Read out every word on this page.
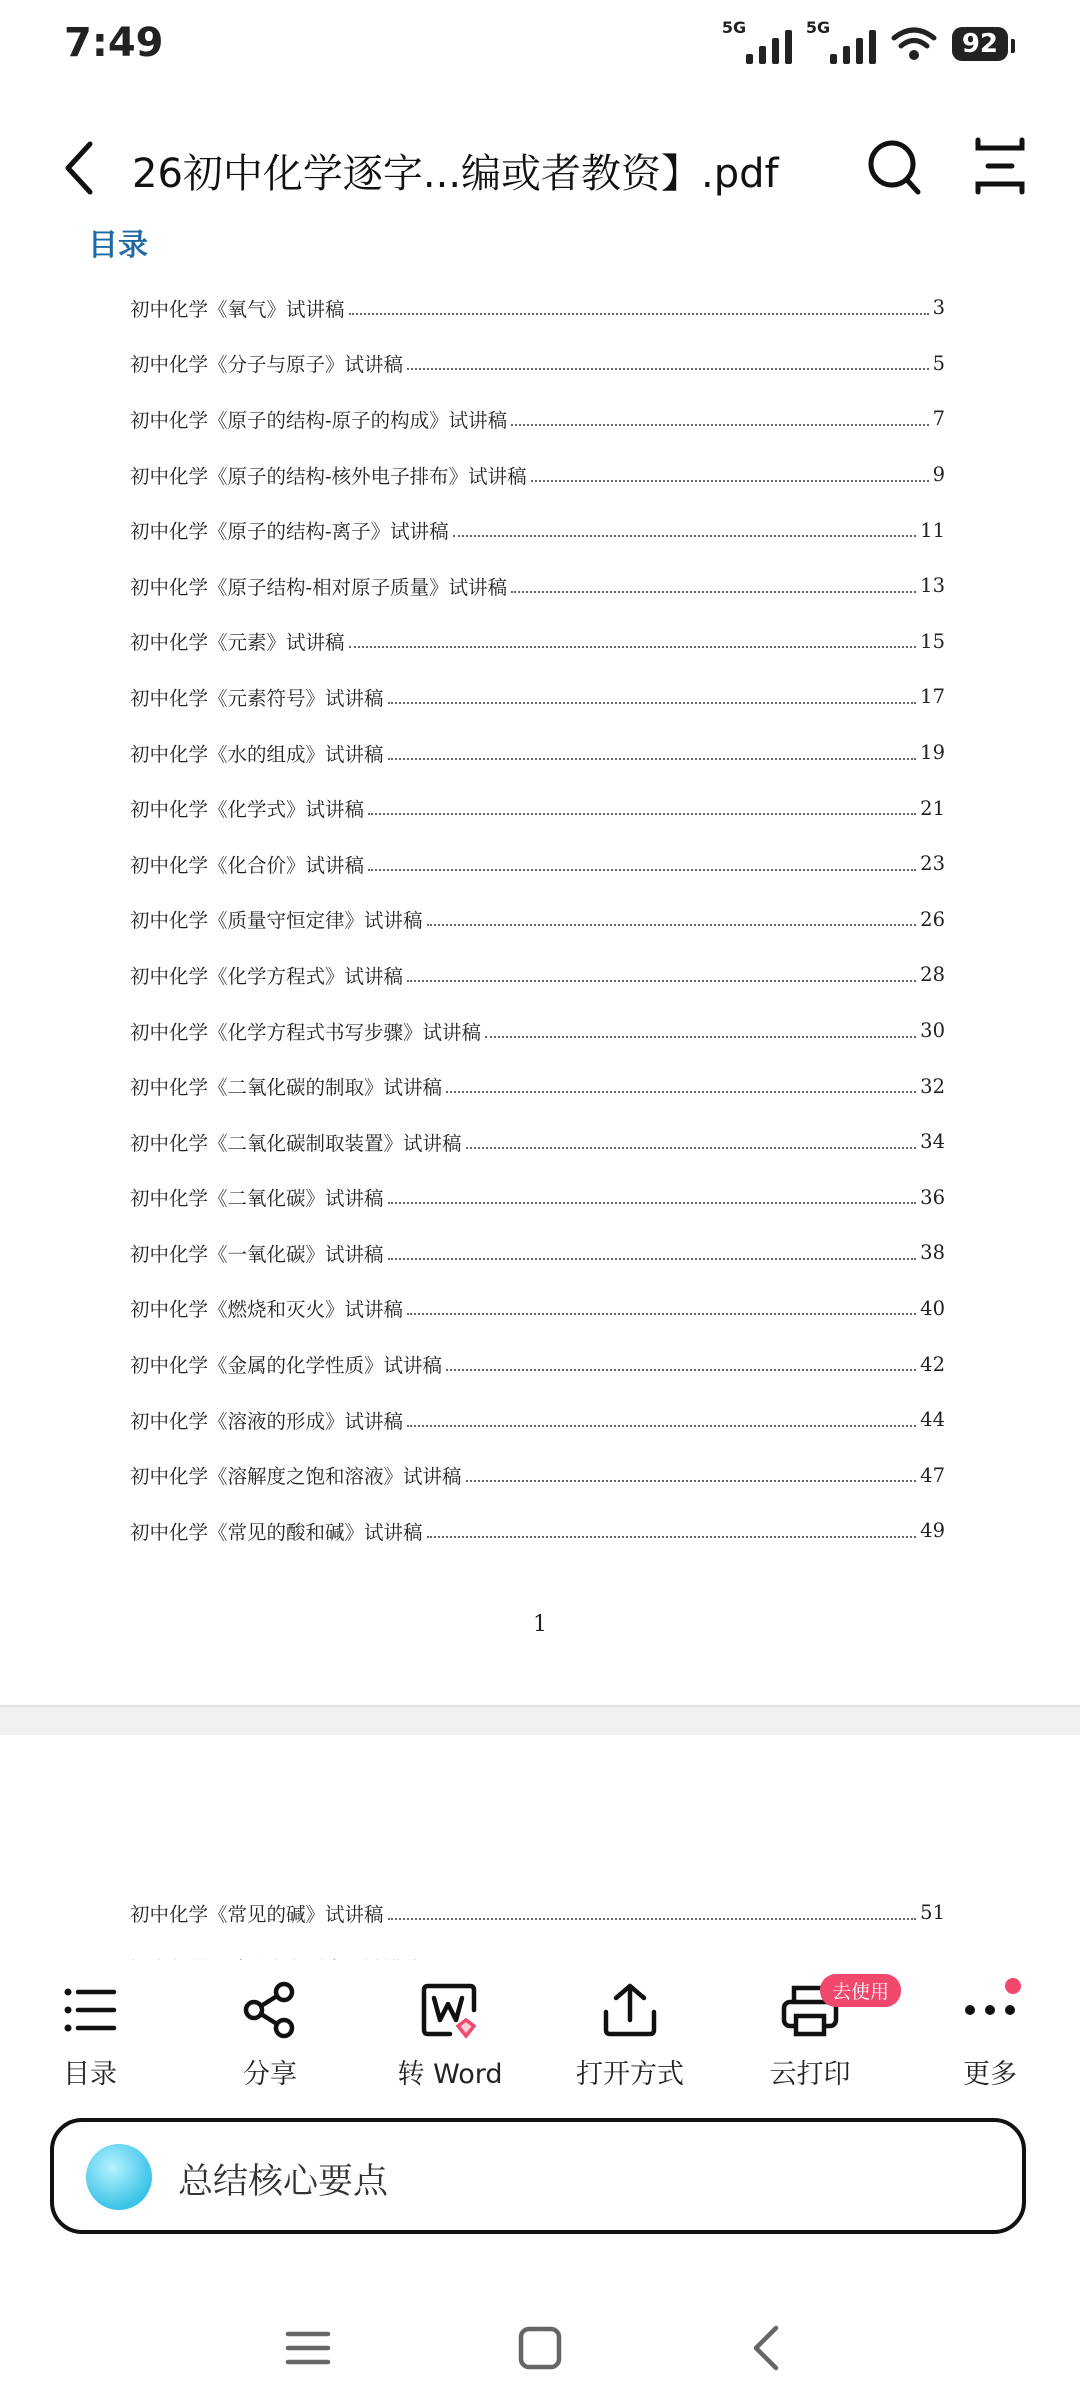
7:49	5G	5G
92
26初中化学逐字...编或者教资】.pdf
目录
初中化学《氧气》试讲稿	3
初中化学《分子与原子》试讲稿	5
初中化学《原子的结构-原子的构成》试讲稿	7
初中化学《原子的结构-核外电子排布》试讲稿	9
初中化学《原子的结构-离子》试讲稿	11
初中化学《原子结构-相对原子质量》试讲稿	13
初中化学《元素》试讲稿	15
初中化学《元素符号》试讲稿	17
初中化学《水的组成》试讲稿	19
初中化学《化学式》试讲稿	21
初中化学《化合价》试讲稿	23
初中化学《质量守恒定律》试讲稿	26
初中化学《化学方程式》试讲稿	28
初中化学《化学方程式书写步骤》试讲稿	30
初中化学《二氧化碳的制取》试讲稿	32
初中化学《二氧化碳制取装置》试讲稿	34
初中化学《二氧化碳》试讲稿	36
初中化学《一氧化碳》试讲稿	38
初中化学《燃烧和灭火》试讲稿	40
初中化学《金属的化学性质》试讲稿	42
初中化学《溶液的形成》试讲稿	44
初中化学《溶解度之饱和溶液》试讲稿	47
初中化学《常见的酸和碱》试讲稿	49
1
初中化学《常见的碱》试讲稿	51
目录	分享	转 Word	打开方式	云打印	更多
去使用
总结核心要点
